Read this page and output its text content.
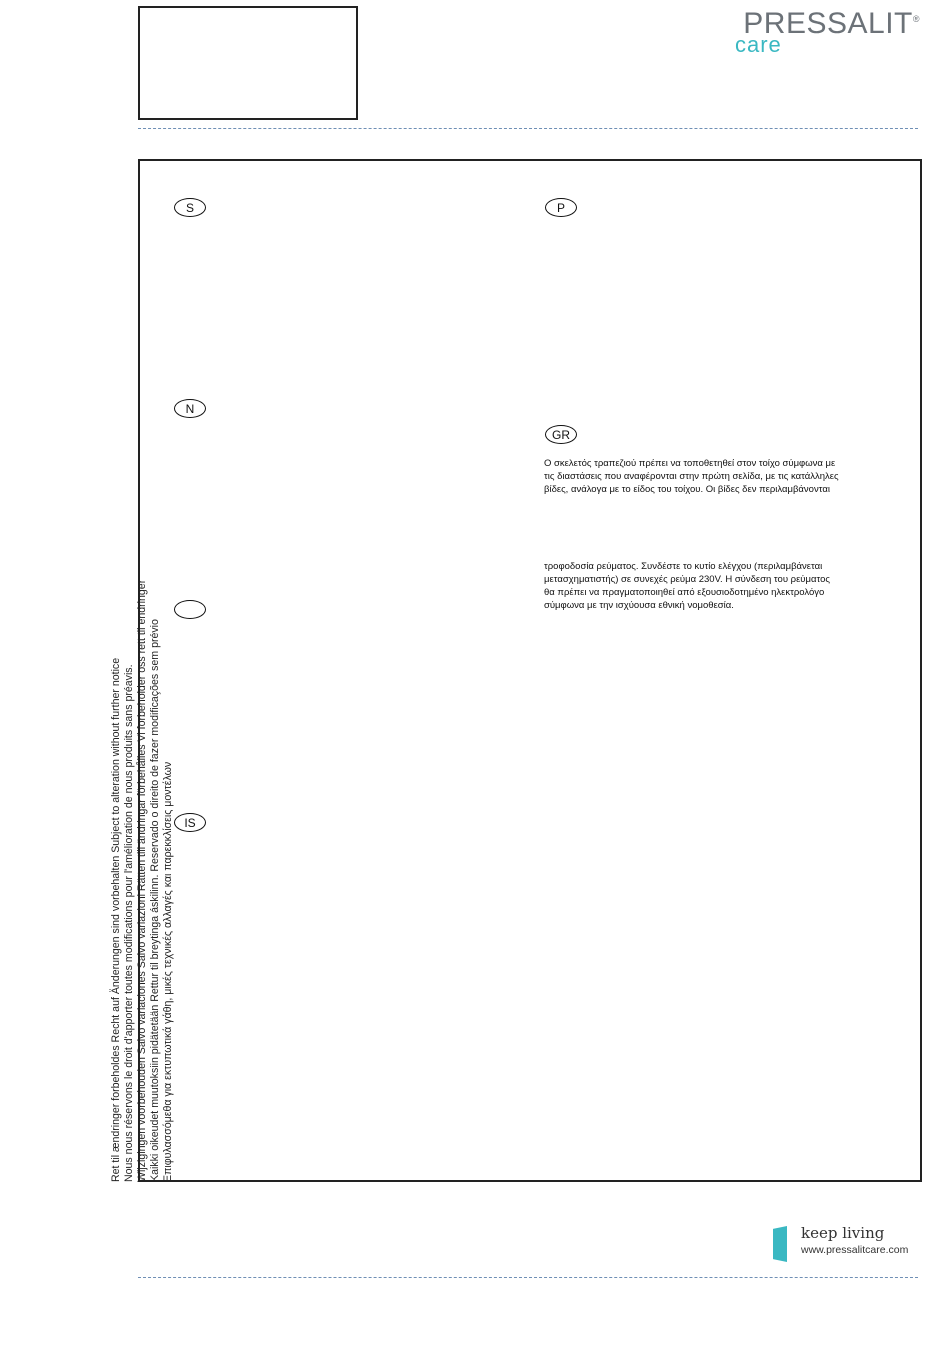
PRESSALIT®
care
S	P
N
GR
IS
Ο σκελετός τραπεζιού πρέπει να τοποθετηθεί στον τοίχο σύμφωνα με
τις διαστάσεις που αναφέρονται στην πρώτη σελίδα, με τις κατάλληλες
βίδες, ανάλογα με το είδος του τοίχου. Οι βίδες δεν περιλαμβάνονται
τροφοδοσία ρεύματος. Συνδέστε το κυτίο ελέγχου (περιλαμβάνεται
μετασχηματιστής) σε συνεχές ρεύμα 230V. Η σύνδεση του ρεύματος
θα πρέπει να πραγματοποιηθεί από εξουσιοδοτημένο ηλεκτρολόγο
σύμφωνα με την ισχύουσα εθνική νομοθεσία.
Ret til ændringer forbeholdes Recht auf Änderungen sind vorbehalten Subject to alteration without further notice Nous nous réservons le droit d'apporter toutes modifications pour l'amélioration de nous produits sans préavis. Wijzigingen voorbehouden Salvo variaciones Salvo variazioni Rätten till ändringar förbehålles Vi forbeholder oss rett til endringer Kaikki oikeudet muutoksiin pidätetään Rettur til breytinga áskilinn. Reservado o direito de fazer modificações sem prévio Επιφυλασσόμεθα για εκτυπωτικά γάθη, μικές τεχνικές αλλαγές και παρεκκλίσεις μοντέλων
keep living
www.pressalitcare.com
